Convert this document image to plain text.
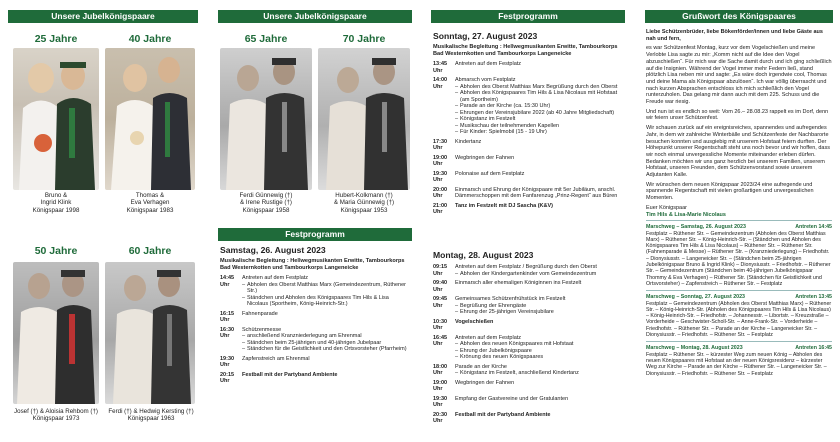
Unsere Jubelkönigspaare
25 Jahre	40 Jahre
Bruno &
Ingrid Klink
Königspaar 1998
Thomas &
Eva Verhagen
Königspaar 1983
50 Jahre	60 Jahre
Josef (†) & Aloisia Rehbom (†)
Königspaar 1973
Ferdi (†) & Hedwig Kersting (†)
Königspaar 1963
Unsere Jubelkönigspaare
65 Jahre	70 Jahre
Ferdi Günnewig (†)
& Irene Rustige (†)
Königspaar 1958
Hubert-Kolkmann (†)
& Maria Günnewig (†)
Königspaar 1953
Festprogramm
Samstag, 26. August 2023
Musikalische Begleitung : Hellwegmusikanten Erwitte, Tambourkorps Bad Westernkotten und Tambourkorps Langeneicke
14:45 Uhr
Antreten auf dem Festplatz
– Abholen des Oberst Matthias Marx (Gemeindezentrum, Rüthener Str.)
– Ständchen und Abholen des Königspaares Tim Hils & Lisa Nicolaus (Sportheim, König-Heinrich-Str.)
16:15 Uhr
Fahnenparade
16:30 Uhr
Schützenmesse
– anschließend Kranzniederlegung am Ehrenmal
– Ständchen beim 25-jährigen und 40-jährigen Jubelpaar
– Ständchen für die Geistlichkeit und den Ortsvorsteher (Pfarrheim)
19:30 Uhr
Zapfenstreich am Ehrenmal
20:15 Uhr
Festball mit der Partyband Ambiente
Festprogramm
Sonntag, 27. August 2023
Musikalische Begleitung : Hellwegmusikanten Erwitte, Tambourkorps Bad Westernkotten und Tambourkorps Langeneicke
13:45 Uhr
Antreten auf dem Festplatz
14:00 Uhr
Abmarsch vom Festplatz
– Abholen des Oberst Matthias Marx Begrüßung durch den Oberst
– Abholen des Königspaares Tim Hils & Lisa Nicolaus mit Hofstaat (am Sportheim)
– Parade an der Kirche (ca. 15:30 Uhr)
– Ehrungen der Vereinsjubilare 2022 (ab 40 Jahre Mitgliedschaft)
– Königstanz im Festzelt
– Musikschau der teilnehmenden Kapellen
– Für Kinder: Spielmobil (15 - 19 Uhr)
17:30 Uhr
Kindertanz
19:00 Uhr
Wegbringen der Fahnen
19:30 Uhr
Polonaise auf dem Festplatz
20:00 Uhr
Einmarsch und Ehrung der Königspaare mit 5er Jubiläum, anschl. Dämmerschoppen mit dem Fanfarenzug „Prinz-Regent“ aus Büren
21:00 Uhr
Tanz im Festzelt mit DJ Sascha (K&V)
Montag, 28. August 2023
09:15 Uhr
Antreten auf dem Festplatz / Begrüßung durch den Oberst
– Abholen der Kindergartenkinder vom Gemeindezentrum
09:40 Uhr
Einmarsch aller ehemaligen Königinnen ins Festzelt
09:45 Uhr
Gemeinsames Schützenfrühstück im Festzelt
– Begrüßung der Ehrengäste
– Ehrung der 25-jährigen Vereinsjubilare
10:30 Uhr
Vogelschießen
16:45 Uhr
Antreten auf dem Festplatz
– Abholen des neuen Königspaares mit Hofstaat
– Ehrung der Jubelkönigspaare
– Krönung des neuen Königspaares
18:00 Uhr
Parade an der Kirche
– Königstanz im Festzelt, anschließend Kindertanz
19:00 Uhr
Wegbringen der Fahnen
19:30 Uhr
Empfang der Gastvereine und der Gratulanten
20:30 Uhr
Festball mit der Partyband Ambiente
Grußwort des Königspaares

Liebe Schützenbrüder, liebe Bökenförder/innen und liebe Gäste aus nah und fern,

es war Schützenfest Montag, kurz vor dem Vogelschießen und meine Verlobte Lisa sagte zu mir: „Komm nicht auf die Idee den Vogel abzuschießen“. Für mich war die Sache damit durch und ich ging schließlich auf die Insignien. Während der Vogel immer mehr Federn ließ, stand plötzlich Lisa neben mir und sagte: „Es wäre doch irgendwie cool, Thomas und deine Mama als Königspaar abzulösen“. Ich war völlig überrascht und nach kurzen Absprachen entschloss ich mich schließlich den Vogel runterzuholen. Das gelang mir dann auch mit dem 225. Schuss und die Freude war riesig.

Und nun ist es endlich so weit: Vom 26.– 28.08.23 rappelt es im Dorf, denn wir feiern unser Schützenfest.

Wir schauen zurück auf ein ereignisreiches, spannendes und aufregendes Jahr, in dem wir zahlreiche Winterbälle und Schützenfeste der Nachbarorte besuchen konnten und ausgiebig mit unserem Hofstaat feiern durften. Der Höhepunkt unserer Regentschaft steht uns noch bevor und wir hoffen, dass wir noch einmal unvergessliche Momente miteinander erleben dürfen. Bedanken möchten wir uns ganz herzlich bei unserem Familien, unserem Hofstaat, unseren Freunden, dem Schützenvorstand sowie unserem Adjutanten Kalle.

Wir wünschen dem neuen Königspaar 2023/24 eine aufregende und spannende Regentschaft mit vielen großartigen und unvergesslichen Momenten.

Euer Königspaar
Tim Hils & Lisa-Marie Nicolaus

Marschweg – Samstag, 26. August 2023	Antreten 14:45
Festplatz – Rüthener Str. – Gemeindezentrum (Abholen des Oberst Matthias Marx) – Rüthener Str. – König-Heinrich-Str. – (Ständchen und Abholen des Königspaares Tim Hils & Lisa Nicolaus) – Rüthener Str. – Rüthener Str. (Fahnenparade & Messe) – Rüthener Str. – (Kranzniederlegung) – Friedhofstr. – Dionysiusstr. – Langeneicker Str. – (Ständchen beim 25-jährigen Jubelkönigspaar Bruno & Ingrid Klink) – Dionysiusstr. – Friedhofstr. – Rüthener Str. – Gemeindezentrum (Ständchen beim 40-jährigen Jubelkönigspaar Thommy & Eva Verhagen) – Rüthener Str. (Ständchen für Geistlichkeit und Ortsvorsteher) – Zapfenstreich – Rüthener Str. – Festplatz
Marschweg – Sonntag, 27. August 2023	Antreten 13:45
Festplatz – Gemeindezentrum (Abholen des Oberst Matthias Marx) – Rüthener Str. – König-Heinrich-Str. (Abholen des Königspaares Tim Hils & Lisa Nicolaus) – König-Heinrich-Str. – Friedhofstr. – Johannesstr. – Libortstr. – Kreuzstraße – Vorderheide – Geschwister-Scholl-Str. – Anne-Frank-Str. – Vorderheide – Friedhofstr. – Rüthener Str. – Parade an der Kirche – Langeneicker Str. – Dionysiusstr. – Friedhofstr. – Rüthener Str. – Festplatz
Marschweg – Montag, 28. August 2023	Antreten 16:45
Festplatz – Rüthener Str. – kürzester Weg zum neuen König – Abholen des neuen Königspaares mit Hofstaat an der neuen Königsresidenz – kürzester Weg zur Kirche – Parade an der Kirche – Rüthener Str. – Langeneicker Str. – Dionysiusstr. – Friedhofstr. – Rüthener Str. – Festplatz
